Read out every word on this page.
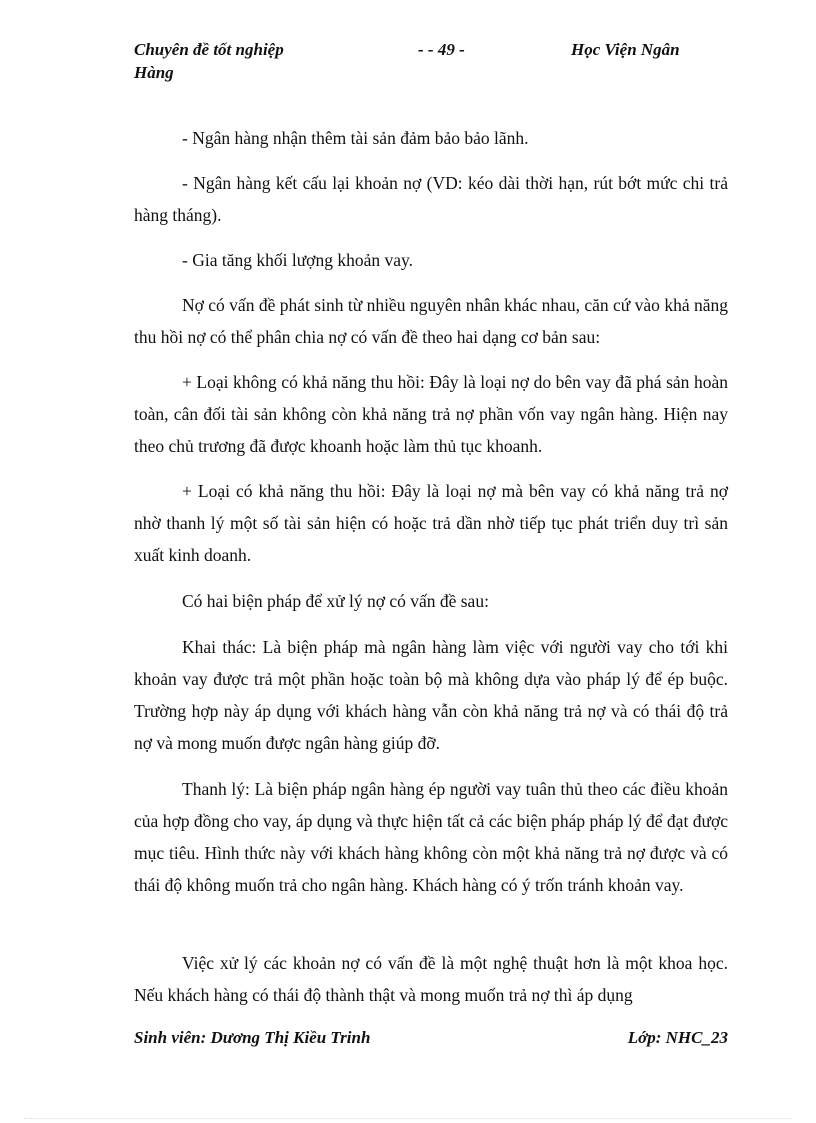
Chuyên đề tốt nghiệp
Hàng
- - 49 -	Học Viện Ngân

- Ngân hàng nhận thêm tài sản đảm bảo bảo lãnh.

- Ngân hàng kết cấu lại khoản nợ (VD: kéo dài thời hạn, rút bớt mức chi trả hàng tháng).

- Gia tăng khối lượng khoản vay.

Nợ có vấn đề phát sinh từ nhiều nguyên nhân khác nhau, căn cứ vào khả năng thu hồi nợ có thể phân chia nợ có vấn đề theo hai dạng cơ bản sau:

+ Loại không có khả năng thu hồi: Đây là loại nợ do bên vay đã phá sản hoàn toàn, cân đối tài sản không còn khả năng trả nợ phần vốn vay ngân hàng. Hiện nay theo chủ trương đã được khoanh hoặc làm thủ tục khoanh.

+ Loại có khả năng thu hồi: Đây là loại nợ mà bên vay có khả năng trả nợ nhờ thanh lý một số tài sản hiện có hoặc trả dần nhờ tiếp tục phát triển duy trì sản xuất kinh doanh.

Có hai biện pháp để xử lý nợ có vấn đề sau:

Khai thác: Là biện pháp mà ngân hàng làm việc với người vay cho tới khi khoản vay được trả một phần hoặc toàn bộ mà không dựa vào pháp lý để ép buộc. Trường hợp này áp dụng với khách hàng vẫn còn khả năng trả nợ và có thái độ trả nợ và mong muốn được ngân hàng giúp đỡ.

Thanh lý: Là biện pháp ngân hàng ép người vay tuân thủ theo các điều khoản của hợp đồng cho vay, áp dụng và thực hiện tất cả các biện pháp pháp lý để đạt được mục tiêu. Hình thức này với khách hàng không còn một khả năng trả nợ được và có thái độ không muốn trả cho ngân hàng. Khách hàng có ý trốn tránh khoản vay.

Việc xử lý các khoản nợ có vấn đề là một nghệ thuật hơn là một khoa học. Nếu khách hàng có thái độ thành thật và mong muốn trả nợ thì áp dụng

Sinh viên: Dương Thị Kiều Trinh	Lớp: NHC_23
